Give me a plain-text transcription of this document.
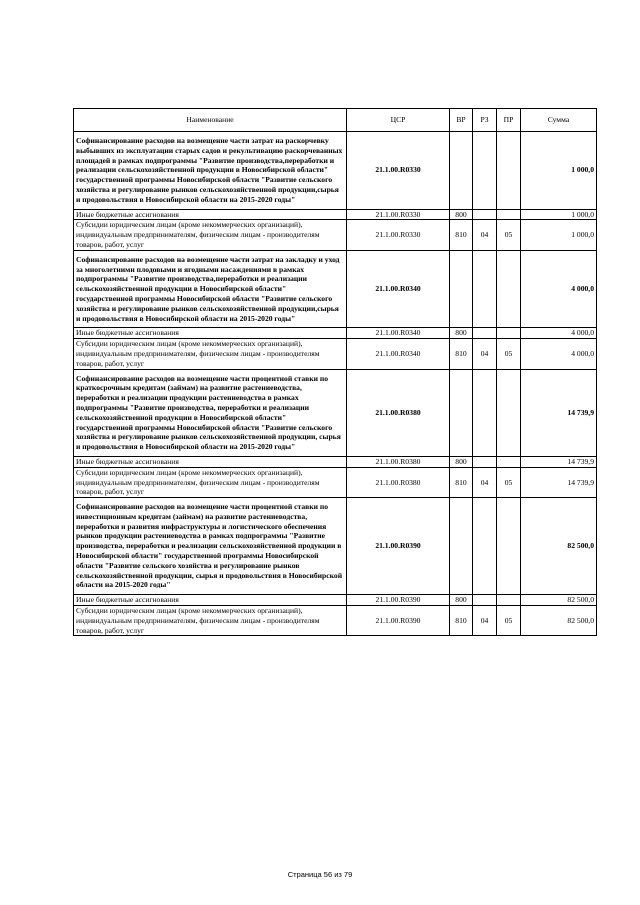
Наименование	ЦСР	ВР	РЗ	ПР	Сумма
Софинансирование расходов на возмещение части затрат на раскорчевку выбывших из эксплуатации старых садов и рекультивацию раскорчеванных площадей в рамках подпрограммы "Развитие производства,переработки и реализации сельскохозяйственной продукции в Новосибирской области" государственной программы Новосибирской области "Развитие сельского хозяйства и регулирование рынков сельскохозяйственной продукции,сырья и продовольствия в Новосибирской области на 2015-2020 годы"	21.1.00.R0330				1 000,0
Иные бюджетные ассигнования	21.1.00.R0330	800			1 000,0
Субсидии юридическим лицам (кроме некоммерческих организаций), индивидуальным предпринимателям, физическим лицам - производителям товаров, работ, услуг	21.1.00.R0330	810	04	05	1 000,0
Софинансирование расходов на возмещение части затрат на закладку и уход за многолетними плодовыми и ягодными насаждениями в рамках подпрограммы "Развитие производства,переработки и реализации сельскохозяйственной продукции в Новосибирской области" государственной программы Новосибирской области "Развитие сельского хозяйства и регулирование рынков сельскохозяйственной продукции,сырья и продовольствия в Новосибирской области на 2015-2020 годы"	21.1.00.R0340				4 000,0
Иные бюджетные ассигнования	21.1.00.R0340	800			4 000,0
Субсидии юридическим лицам (кроме некоммерческих организаций), индивидуальным предпринимателям, физическим лицам - производителям товаров, работ, услуг	21.1.00.R0340	810	04	05	4 000,0
Софинансирование расходов на возмещение части процентной ставки по краткосрочным кредитам (займам) на развитие растениеводства, переработки и реализации продукции растениеводства в рамках подпрограммы "Развитие производства, переработки и реализации сельскохозяйственной продукции в Новосибирской области" государственной программы Новосибирской области "Развитие сельского хозяйства и регулирование рынков сельскохозяйственной продукции, сырья и продовольствия в Новосибирской области на 2015-2020 годы"	21.1.00.R0380				14 739,9
Иные бюджетные ассигнования	21.1.00.R0380	800			14 739,9
Субсидии юридическим лицам (кроме некоммерческих организаций), индивидуальным предпринимателям, физическим лицам - производителям товаров, работ, услуг	21.1.00.R0380	810	04	05	14 739,9
Софинансирование расходов на возмещение части процентной ставки по инвестиционным кредитам (займам) на развитие растениеводства, переработки и развития инфраструктуры и логистического обеспечения рынков продукции растениеводства в рамках подпрограммы "Развитие производства, переработки и реализации сельскохозяйственной продукции в Новосибирской области" государственной программы Новосибирской области "Развитие сельского хозяйства и регулирование рынков сельскохозяйственной продукции, сырья и продовольствия в Новосибирской области на 2015-2020 годы"	21.1.00.R0390				82 500,0
Иные бюджетные ассигнования	21.1.00.R0390	800			82 500,0
Субсидии юридическим лицам (кроме некоммерческих организаций), индивидуальным предпринимателям, физическим лицам - производителям товаров, работ, услуг	21.1.00.R0390	810	04	05	82 500,0
Страница 56 из 79
